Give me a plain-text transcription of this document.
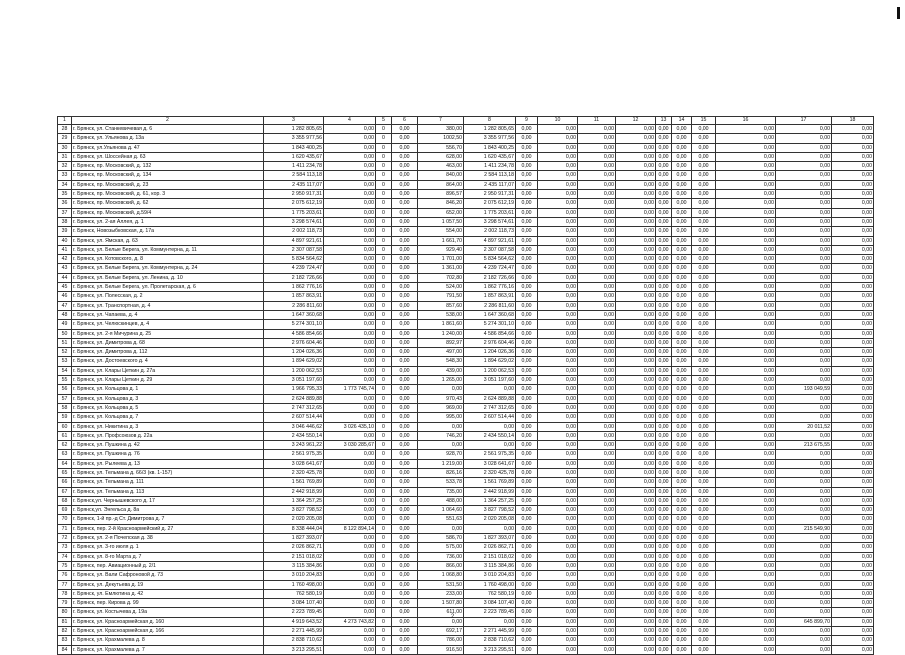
1	2	3	4	5	6	7	8	9	10	11	12	13	14	15	16	17	18
28	г. Брянск, ул. Станкевичевая д. 6	1 282 805,65	0,00	0	0,00	380,00	1 282 805,65	0,00	0,00	0,00	0,00	0,00	0,00	0,00	0,00	0,00	0,00
29	г. Брянск, ул. Ульянова д. 13а	3 355 977,56	0,00	0	0,00	1002,50	3 355 977,56	0,00	0,00	0,00	0,00	0,00	0,00	0,00	0,00	0,00	0,00
30	г. Брянск, ул.Ульянова д. 47	1 843 400,25	0,00	0	0,00	556,70	1 843 400,25	0,00	0,00	0,00	0,00	0,00	0,00	0,00	0,00	0,00	0,00
31	г. Брянск, ул. Шоссейная д. 63	1 620 435,67	0,00	0	0,00	628,00	1 620 435,67	0,00	0,00	0,00	0,00	0,00	0,00	0,00	0,00	0,00	0,00
32	г. Брянск, пр. Московский, д. 132	1 411 234,78	0,00	0	0,00	463,00	1 411 234,78	0,00	0,00	0,00	0,00	0,00	0,00	0,00	0,00	0,00	0,00
33	г. Брянск, пр. Московский, д. 134	2 584 113,18	0,00	0	0,00	840,00	2 584 113,18	0,00	0,00	0,00	0,00	0,00	0,00	0,00	0,00	0,00	0,00
34	г. Брянск, пр. Московский, д. 23	2 435 117,07	0,00	0	0,00	864,00	2 435 117,07	0,00	0,00	0,00	0,00	0,00	0,00	0,00	0,00	0,00	0,00
35	г. Брянск, пр. Московский, д. 61, кор. 3	2 950 917,31	0,00	0	0,00	896,57	2 950 917,31	0,00	0,00	0,00	0,00	0,00	0,00	0,00	0,00	0,00	0,00
36	г. Брянск, пр. Московский, д. 62	2 075 612,19	0,00	0	0,00	846,20	2 075 612,19	0,00	0,00	0,00	0,00	0,00	0,00	0,00	0,00	0,00	0,00
37	г. Брянск, пр. Московский, д.59/4	1 775 203,61	0,00	0	0,00	652,00	1 775 203,61	0,00	0,00	0,00	0,00	0,00	0,00	0,00	0,00	0,00	0,00
38	г. Брянск, ул. 2-ая Аллея, д. 1	3 298 574,61	0,00	0	0,00	1 057,50	3 298 574,61	0,00	0,00	0,00	0,00	0,00	0,00	0,00	0,00	0,00	0,00
39	г. Брянск, Новозыбковская, д. 17а	2 002 118,73	0,00	0	0,00	554,00	2 002 118,73	0,00	0,00	0,00	0,00	0,00	0,00	0,00	0,00	0,00	0,00
40	г. Брянск, ул. Ямская, д. 63	4 897 921,61	0,00	0	0,00	1 661,70	4 897 921,61	0,00	0,00	0,00	0,00	0,00	0,00	0,00	0,00	0,00	0,00
41	г. Брянск, ул. Белые Берега, ул. Коммунтерна, д. 11	2 307 087,58	0,00	0	0,00	929,40	2 307 087,58	0,00	0,00	0,00	0,00	0,00	0,00	0,00	0,00	0,00	0,00
42	г. Брянск, ул. Котовского, д. 8	5 834 564,62	0,00	0	0,00	1 701,00	5 834 564,62	0,00	0,00	0,00	0,00	0,00	0,00	0,00	0,00	0,00	0,00
43	г. Брянск, ул. Белые Берега, ул. Коммунтерна, д. 24	4 239 724,47	0,00	0	0,00	1 361,00	4 239 724,47	0,00	0,00	0,00	0,00	0,00	0,00	0,00	0,00	0,00	0,00
44	г. Брянск, ул. Белые Берега, ул. Ленина, д. 10	2 182 726,66	0,00	0	0,00	702,80	2 182 726,66	0,00	0,00	0,00	0,00	0,00	0,00	0,00	0,00	0,00	0,00
45	г. Брянск, ул. Белые Берега, ул. Пролетарская, д. 6	1 862 776,16	0,00	0	0,00	524,00	1 862 776,16	0,00	0,00	0,00	0,00	0,00	0,00	0,00	0,00	0,00	0,00
46	г. Брянск, ул. Полесская, д. 2	1 857 863,91	0,00	0	0,00	791,50	1 857 863,91	0,00	0,00	0,00	0,00	0,00	0,00	0,00	0,00	0,00	0,00
47	г. Брянск, ул. Транспортная, д. 4	2 286 811,60	0,00	0	0,00	857,60	2 286 811,60	0,00	0,00	0,00	0,00	0,00	0,00	0,00	0,00	0,00	0,00
48	г. Брянск, ул. Чапаева, д. 4	1 647 360,68	0,00	0	0,00	538,00	1 647 360,68	0,00	0,00	0,00	0,00	0,00	0,00	0,00	0,00	0,00	0,00
49	г. Брянск, ул. Челюскинцев, д. 4	5 274 301,10	0,00	0	0,00	1 861,60	5 274 301,10	0,00	0,00	0,00	0,00	0,00	0,00	0,00	0,00	0,00	0,00
50	г. Брянск, ул. 2-я Мичурина д. 25	4 586 854,66	0,00	0	0,00	1 240,00	4 586 854,66	0,00	0,00	0,00	0,00	0,00	0,00	0,00	0,00	0,00	0,00
51	г. Брянск, ул. Димитрова д. 68	2 976 604,46	0,00	0	0,00	892,97	2 976 604,46	0,00	0,00	0,00	0,00	0,00	0,00	0,00	0,00	0,00	0,00
52	г. Брянск, ул. Димитрова д. 112	1 204 026,36	0,00	0	0,00	497,00	1 204 026,36	0,00	0,00	0,00	0,00	0,00	0,00	0,00	0,00	0,00	0,00
53	г. Брянск, ул. Достоевского д. 4	1 894 629,02	0,00	0	0,00	548,30	1 894 629,02	0,00	0,00	0,00	0,00	0,00	0,00	0,00	0,00	0,00	0,00
54	г. Брянск, ул. Клары Цеткин д. 27а	1 200 062,53	0,00	0	0,00	439,00	1 200 062,53	0,00	0,00	0,00	0,00	0,00	0,00	0,00	0,00	0,00	0,00
55	г. Брянск, ул. Клары Цеткин д. 29	3 051 197,60	0,00	0	0,00	1 265,00	3 051 197,60	0,00	0,00	0,00	0,00	0,00	0,00	0,00	0,00	0,00	0,00
56	г. Брянск, ул. Кольцова д. 1	1 966 795,33	1 773 745,74	0	0,00	0,00	0,00	0,00	0,00	0,00	0,00	0,00	0,00	0,00	0,00	193 049,59	0,00
57	г. Брянск, ул. Кольцова д. 3	2 624 889,88	0,00	0	0,00	970,43	2 624 889,88	0,00	0,00	0,00	0,00	0,00	0,00	0,00	0,00	0,00	0,00
58	г. Брянск, ул. Кольцова д. 5	2 747 312,65	0,00	0	0,00	969,00	2 747 312,65	0,00	0,00	0,00	0,00	0,00	0,00	0,00	0,00	0,00	0,00
59	г. Брянск, ул. Кольцова д. 7	2 607 514,44	0,00	0	0,00	995,00	2 607 514,44	0,00	0,00	0,00	0,00	0,00	0,00	0,00	0,00	0,00	0,00
60	г. Брянск, ул. Никитина д. 3	3 046 446,62	3 026 435,10	0	0,00	0,00	0,00	0,00	0,00	0,00	0,00	0,00	0,00	0,00	0,00	20 011,52	0,00
61	г. Брянск, ул. Профсоюзов д. 22а	2 434 550,14	0,00	0	0,00	746,20	2 434 550,14	0,00	0,00	0,00	0,00	0,00	0,00	0,00	0,00	0,00	0,00
62	г. Брянск, ул. Пушкина д. 42	3 243 961,22	3 030 285,67	0	0,00	0,00	0,00	0,00	0,00	0,00	0,00	0,00	0,00	0,00	0,00	213 675,55	0,00
63	г. Брянск, ул. Пушкина д. 76	2 561 975,35	0,00	0	0,00	928,70	2 561 975,35	0,00	0,00	0,00	0,00	0,00	0,00	0,00	0,00	0,00	0,00
64	г. Брянск, ул. Рылеева д. 13	3 028 641,67	0,00	0	0,00	1 219,00	3 028 641,67	0,00	0,00	0,00	0,00	0,00	0,00	0,00	0,00	0,00	0,00
65	г. Брянск, ул. Тельмана д. 66/3 (кв. 1-157)	2 320 425,78	0,00	0	0,00	826,16	2 320 425,78	0,00	0,00	0,00	0,00	0,00	0,00	0,00	0,00	0,00	0,00
66	г. Брянск, ул. Тельмана д. 111	1 561 769,89	0,00	0	0,00	533,78	1 561 769,89	0,00	0,00	0,00	0,00	0,00	0,00	0,00	0,00	0,00	0,00
67	г. Брянск, ул. Тельмана д. 113	2 442 918,99	0,00	0	0,00	735,00	2 442 918,99	0,00	0,00	0,00	0,00	0,00	0,00	0,00	0,00	0,00	0,00
68	г. Брянск,ул. Чернышевского д. 17	1 364 257,25	0,00	0	0,00	488,00	1 364 257,25	0,00	0,00	0,00	0,00	0,00	0,00	0,00	0,00	0,00	0,00
69	г. Брянск,ул. Энгельса д. 8а	3 827 798,52	0,00	0	0,00	1 064,60	3 827 798,52	0,00	0,00	0,00	0,00	0,00	0,00	0,00	0,00	0,00	0,00
70	г. Брянск, 1-й пр.-д Ст. Димитрова д. 7	2 020 205,08	0,00	0	0,00	551,63	2 020 205,08	0,00	0,00	0,00	0,00	0,00	0,00	0,00	0,00	0,00	0,00
71	г. Брянск, пер. 2-й Красноармейский д. 27	8 338 444,04	8 122 894,14	0	0,00	0,00	0,00	0,00	0,00	0,00	0,00	0,00	0,00	0,00	0,00	215 549,90	0,00
72	г. Брянск, ул. 2-я Почепская д. 38	1 827 393,07	0,00	0	0,00	586,70	1 827 393,07	0,00	0,00	0,00	0,00	0,00	0,00	0,00	0,00	0,00	0,00
73	г. Брянск, ул. 3-го июля д. 1	2 026 862,71	0,00	0	0,00	575,00	2 026 862,71	0,00	0,00	0,00	0,00	0,00	0,00	0,00	0,00	0,00	0,00
74	г. Брянск, ул. 8-го Марта д. 7	2 151 018,02	0,00	0	0,00	736,00	2 151 018,02	0,00	0,00	0,00	0,00	0,00	0,00	0,00	0,00	0,00	0,00
75	г. Брянск, пер. Авиационный д. 2/1	3 115 384,86	0,00	0	0,00	866,00	3 115 384,86	0,00	0,00	0,00	0,00	0,00	0,00	0,00	0,00	0,00	0,00
76	г. Брянск, ул. Вали Сафроновой д. 73	3 010 204,83	0,00	0	0,00	1 068,80	3 010 204,83	0,00	0,00	0,00	0,00	0,00	0,00	0,00	0,00	0,00	0,00
77	г. Брянск, ул. Декутьева д. 19	1 760 498,00	0,00	0	0,00	531,50	1 760 498,00	0,00	0,00	0,00	0,00	0,00	0,00	0,00	0,00	0,00	0,00
78	г. Брянск, ул. Емлютина д. 42	762 580,19	0,00	0	0,00	233,00	762 580,19	0,00	0,00	0,00	0,00	0,00	0,00	0,00	0,00	0,00	0,00
79	г. Брянск, пер. Кирова д. 99	3 084 107,40	0,00	0	0,00	1 507,80	3 084 107,40	0,00	0,00	0,00	0,00	0,00	0,00	0,00	0,00	0,00	0,00
80	г. Брянск, ул. Костычева д. 19а	2 223 789,45	0,00	0	0,00	611,00	2 223 789,45	0,00	0,00	0,00	0,00	0,00	0,00	0,00	0,00	0,00	0,00
81	г. Брянск, ул. Красноармейская д. 160	4 919 643,52	4 273 743,82	0	0,00	0,00	0,00	0,00	0,00	0,00	0,00	0,00	0,00	0,00	0,00	645 899,70	0,00
82	г. Брянск, ул. Красноармейская д. 166	2 271 445,99	0,00	0	0,00	692,17	2 271 445,99	0,00	0,00	0,00	0,00	0,00	0,00	0,00	0,00	0,00	0,00
83	г. Брянск, ул. Крахмалева д. 8	2 838 710,62	0,00	0	0,00	786,00	2 838 710,62	0,00	0,00	0,00	0,00	0,00	0,00	0,00	0,00	0,00	0,00
84	г. Брянск, ул. Крахмалева д. 7	3 213 295,51	0,00	0	0,00	916,50	3 213 295,51	0,00	0,00	0,00	0,00	0,00	0,00	0,00	0,00	0,00	0,00
2
